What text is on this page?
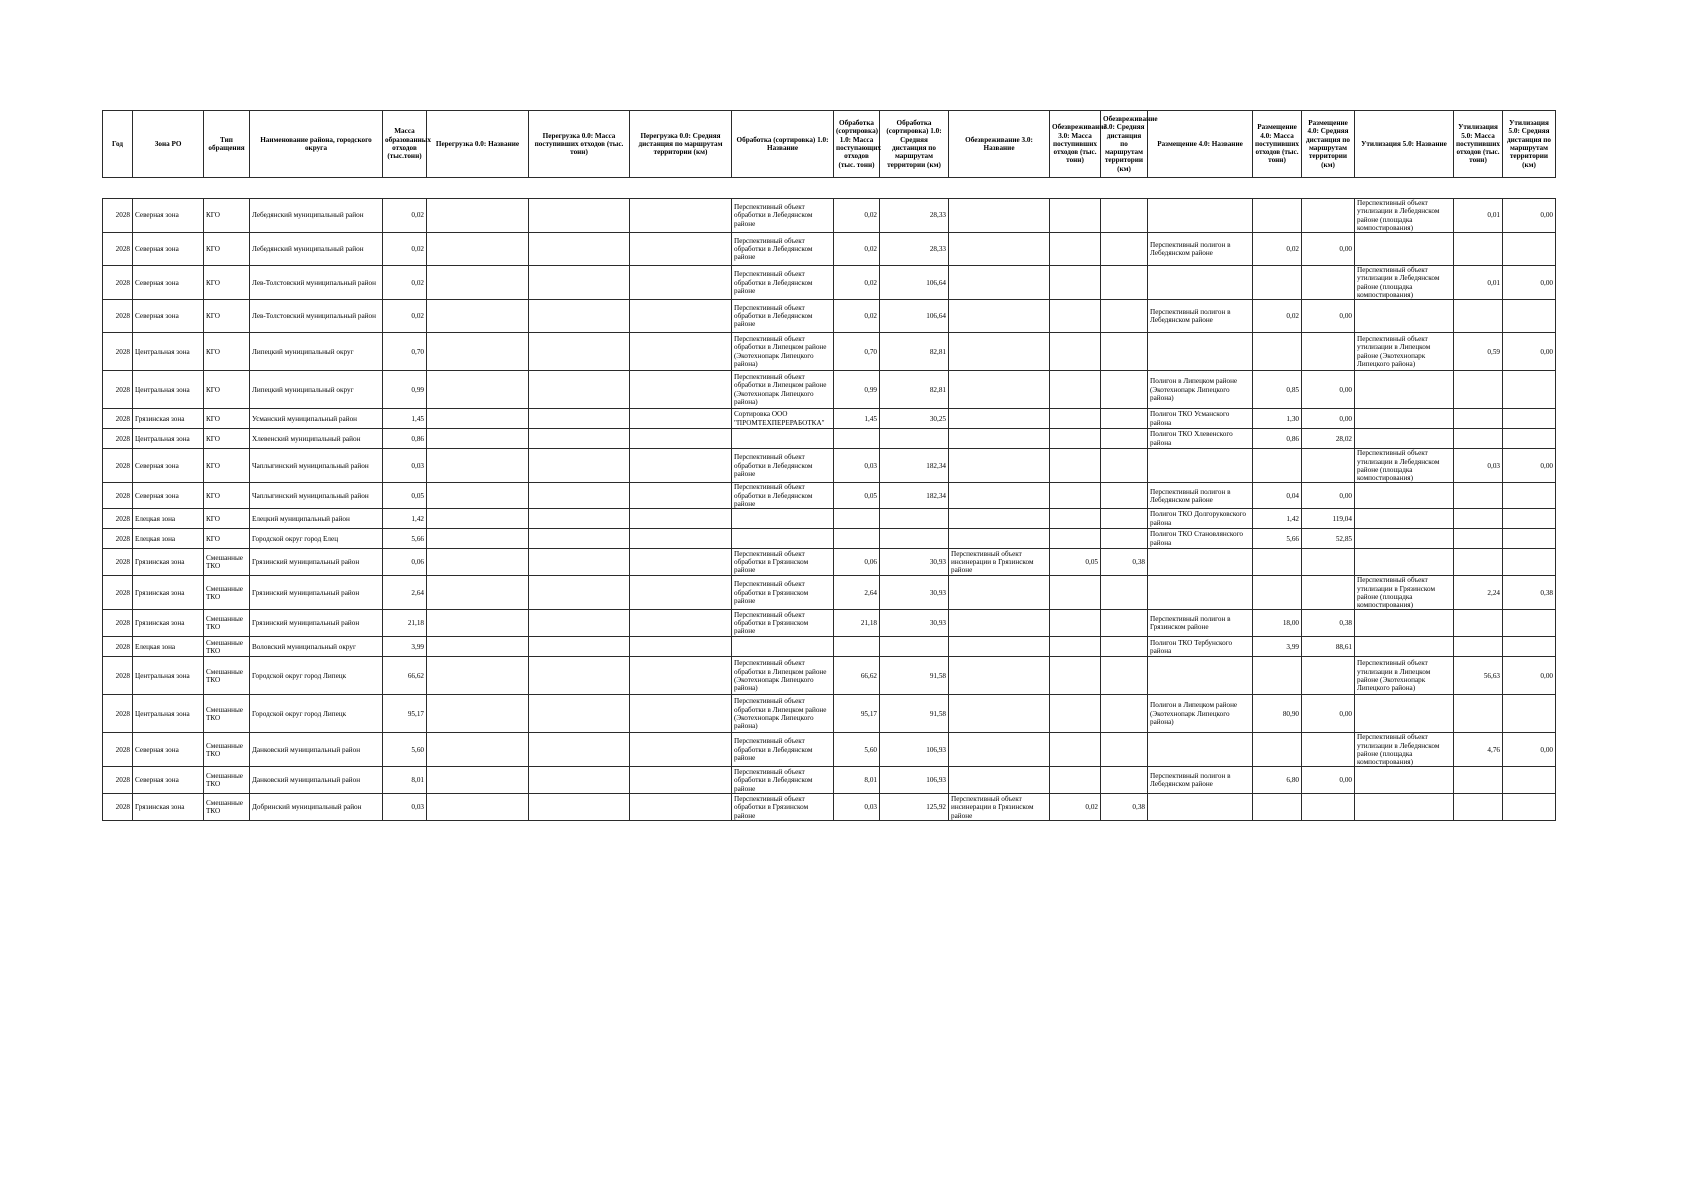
Год	Зона РО	Тип обращения	Наименование района, городского округа	Масса образованных отходов (тыс.тонн)	Перегрузка 0.0: Название	Перегрузка 0.0: Масса поступивших отходов (тыс. тонн)	Перегрузка 0.0: Средняя дистанция по маршрутам территории (км)	Обработка (сортировка) 1.0: Название	Обработка (сортировка) 1.0: Масса поступающих отходов (тыс. тонн)	Обработка (сортировка) 1.0: Средняя дистанция по маршрутам территории (км)	Обезвреживание 3.0: Название	Обезвреживание 3.0: Масса поступивших отходов (тыс. тонн)	Обезвреживание 3.0: Средняя дистанция по маршрутам территории (км)	Размещение 4.0: Название	Размещение 4.0: Масса поступивших отходов (тыс. тонн)	Размещение 4.0: Средняя дистанция по маршрутам территории (км)	Утилизация 5.0: Название	Утилизация 5.0: Масса поступивших отходов (тыс. тонн)	Утилизация 5.0: Средняя дистанция по маршрутам территории (км)
2028	Северная зона	КГО	Лебедянский муниципальный район	0,02				Перспективный объект обработки в Лебедянском районе	0,02	28,33							Перспективный объект утилизации в Лебедянском районе (площадка компостирования)	0,01	0,00
2028	Северная зона	КГО	Лебедянский муниципальный район	0,02				Перспективный объект обработки в Лебедянском районе	0,02	28,33				Перспективный полигон в Лебедянском районе	0,02	0,00			
2028	Северная зона	КГО	Лев-Толстовский муниципальный район	0,02				Перспективный объект обработки в Лебедянском районе	0,02	106,64							Перспективный объект утилизации в Лебедянском районе (площадка компостирования)	0,01	0,00
2028	Северная зона	КГО	Лев-Толстовский муниципальный район	0,02				Перспективный объект обработки в Лебедянском районе	0,02	106,64				Перспективный полигон в Лебедянском районе	0,02	0,00			
2028	Центральная зона	КГО	Липецкий муниципальный округ	0,70				Перспективный объект обработки в Липецком районе (Экотехнопарк Липецкого района)	0,70	82,81							Перспективный объект утилизации в Липецком районе (Экотехнопарк Липецкого района)	0,59	0,00
2028	Центральная зона	КГО	Липецкий муниципальный округ	0,99				Перспективный объект обработки в Липецком районе (Экотехнопарк Липецкого района)	0,99	82,81				Полигон в Липецком районе (Экотехнопарк Липецкого района)	0,85	0,00			
2028	Грязинская зона	КГО	Усманский муниципальный район	1,45				Сортировка ООО "ПРОМТЕХПЕРЕРАБОТКА"	1,45	30,25				Полигон ТКО Усманского района	1,30	0,00			
2028	Центральная зона	КГО	Хлевенский муниципальный район	0,86										Полигон ТКО Хлевенского района	0,86	28,02			
2028	Северная зона	КГО	Чаплыгинский муниципальный район	0,03				Перспективный объект обработки в Лебедянском районе	0,03	182,34							Перспективный объект утилизации в Лебедянском районе (площадка компостирования)	0,03	0,00
2028	Северная зона	КГО	Чаплыгинский муниципальный район	0,05				Перспективный объект обработки в Лебедянском районе	0,05	182,34				Перспективный полигон в Лебедянском районе	0,04	0,00			
2028	Елецкая зона	КГО	Елецкий муниципальный район	1,42										Полигон ТКО Долгоруковского района	1,42	119,04			
2028	Елецкая зона	КГО	Городской округ город Елец	5,66										Полигон ТКО Становлянского района	5,66	52,85			
2028	Грязинская зона	Смешанные ТКО	Грязинский муниципальный район	0,06				Перспективный объект обработки в Грязинском районе	0,06	30,93	Перспективный объект инсинерации в Грязинском районе	0,05	0,38						
2028	Грязинская зона	Смешанные ТКО	Грязинский муниципальный район	2,64				Перспективный объект обработки в Грязинском районе	2,64	30,93							Перспективный объект утилизации в Грязинском районе (площадка компостирования)	2,24	0,38
2028	Грязинская зона	Смешанные ТКО	Грязинский муниципальный район	21,18				Перспективный объект обработки в Грязинском районе	21,18	30,93				Перспективный полигон в Грязинском районе	18,00	0,38			
2028	Елецкая зона	Смешанные ТКО	Воловский муниципальный округ	3,99										Полигон ТКО Тербунского района	3,99	88,61			
2028	Центральная зона	Смешанные ТКО	Городской округ город Липецк	66,62				Перспективный объект обработки в Липецком районе (Экотехнопарк Липецкого района)	66,62	91,58							Перспективный объект утилизации в Липецком районе (Экотехнопарк Липецкого района)	56,63	0,00
2028	Центральная зона	Смешанные ТКО	Городской округ город Липецк	95,17				Перспективный объект обработки в Липецком районе (Экотехнопарк Липецкого района)	95,17	91,58				Полигон в Липецком районе (Экотехнопарк Липецкого района)	80,90	0,00			
2028	Северная зона	Смешанные ТКО	Данковский муниципальный район	5,60				Перспективный объект обработки в Лебедянском районе	5,60	106,93							Перспективный объект утилизации в Лебедянском районе (площадка компостирования)	4,76	0,00
2028	Северная зона	Смешанные ТКО	Данковский муниципальный район	8,01				Перспективный объект обработки в Лебедянском районе	8,01	106,93				Перспективный полигон в Лебедянском районе	6,80	0,00			
2028	Грязинская зона	Смешанные ТКО	Добринский муниципальный район	0,03				Перспективный объект обработки в Грязинском районе	0,03	125,92	Перспективный объект инсинерации в Грязинском районе	0,02	0,38						
